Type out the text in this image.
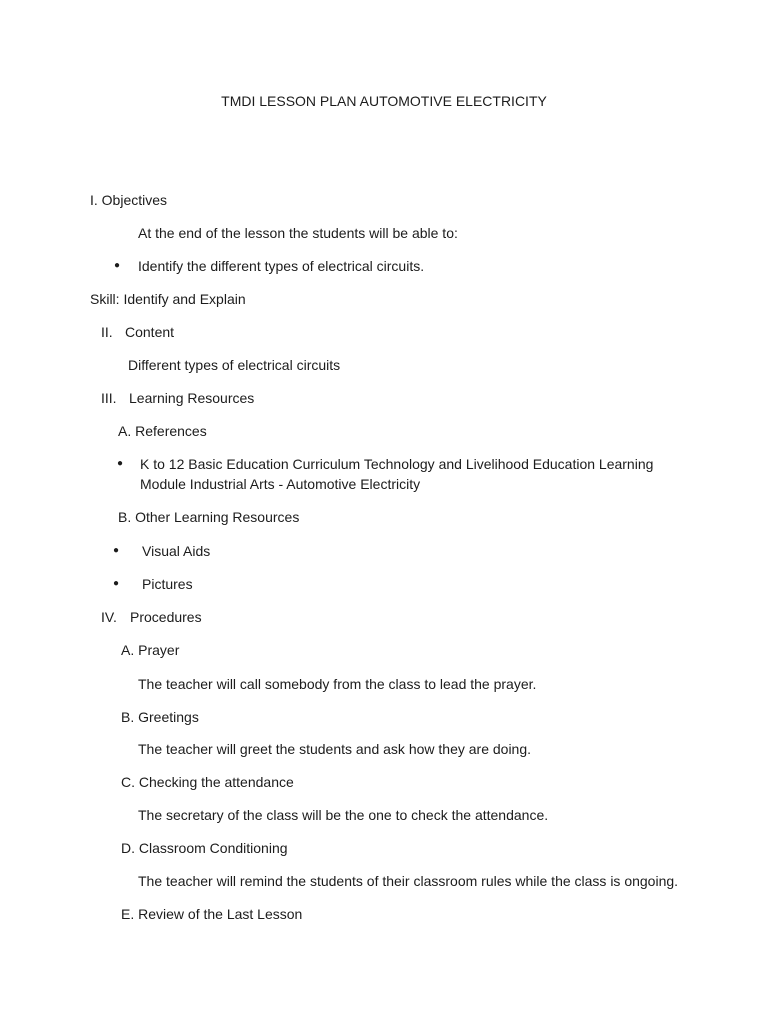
TMDI LESSON PLAN AUTOMOTIVE ELECTRICITY
I. Objectives
At the end of the lesson the students will be able to:
● Identify the different types of electrical circuits.
Skill: Identify and Explain
II. Content
Different types of electrical circuits
III. Learning Resources
A. References
● K to 12 Basic Education Curriculum Technology and Livelihood Education Learning
Module Industrial Arts - Automotive Electricity
B. Other Learning Resources
● Visual Aids
● Pictures
IV. Procedures
A. Prayer
The teacher will call somebody from the class to lead the prayer.
B. Greetings
The teacher will greet the students and ask how they are doing.
C. Checking the attendance
The secretary of the class will be the one to check the attendance.
D. Classroom Conditioning
The teacher will remind the students of their classroom rules while the class is ongoing.
E. Review of the Last Lesson
